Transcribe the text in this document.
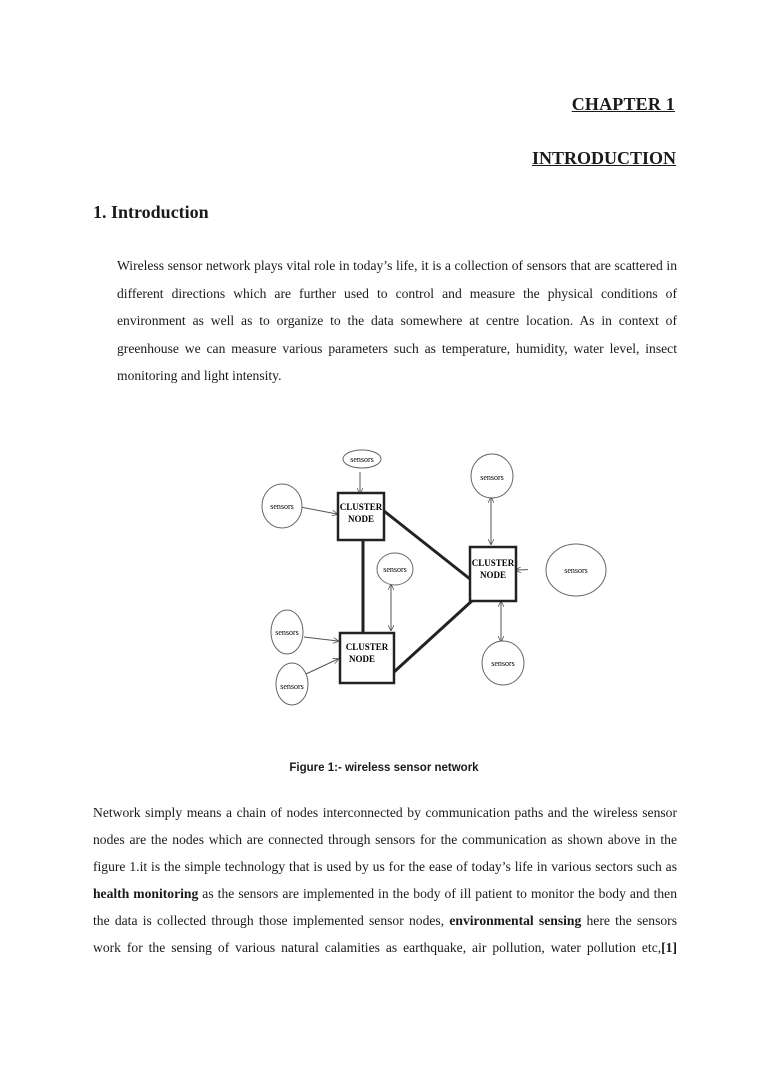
CHAPTER 1
INTRODUCTION
1. Introduction

Wireless sensor network plays vital role in today’s life, it is a collection of sensors that are scattered in different directions which are further used to control and measure the physical conditions of environment as well as to organize to the data somewhere at centre location. As in context of greenhouse we can measure various parameters such as temperature, humidity, water level, insect monitoring and light intensity.

CLUSTER
NODE
CLUSTER
NODE
CLUSTER
NODE
sensors
sensors
sensors
sensors
sensors
sensors
sensors
sensors
Figure 1:- wireless sensor network

Network simply means a chain of nodes interconnected by communication paths and the wireless sensor nodes are the nodes which are connected through sensors for the communication as shown above in the figure 1.it is the simple technology that is used by us for the ease of today’s life in various sectors such as health monitoring as the sensors are implemented in the body of ill patient to monitor the body and then the data is collected through those implemented sensor nodes, environmental sensing here the sensors work for the sensing of various natural calamities as earthquake, air pollution, water pollution etc,[1]
